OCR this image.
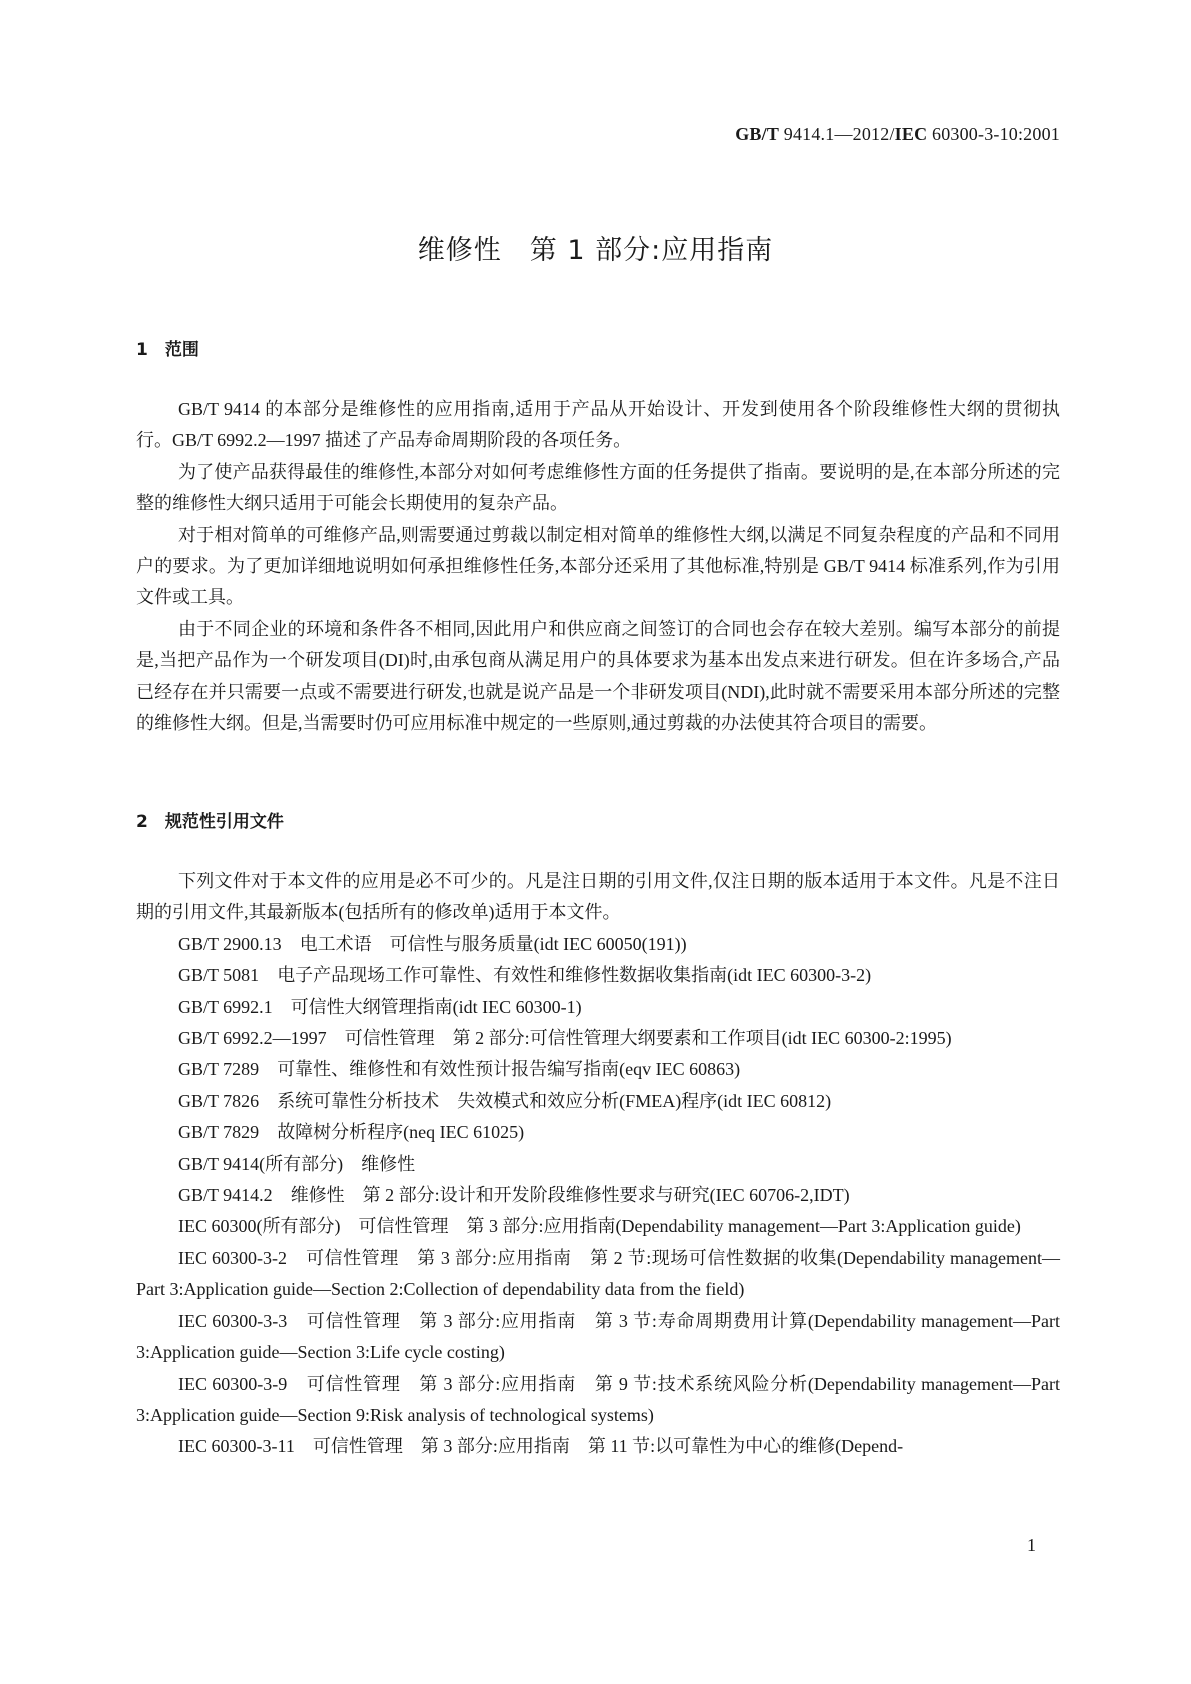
GB/T 9414.1—2012/IEC 60300-3-10:2001
维修性　第 1 部分:应用指南
1　范围

GB/T 9414 的本部分是维修性的应用指南,适用于产品从开始设计、开发到使用各个阶段维修性大纲的贯彻执行。GB/T 6992.2—1997 描述了产品寿命周期阶段的各项任务。

为了使产品获得最佳的维修性,本部分对如何考虑维修性方面的任务提供了指南。要说明的是,在本部分所述的完整的维修性大纲只适用于可能会长期使用的复杂产品。

对于相对简单的可维修产品,则需要通过剪裁以制定相对简单的维修性大纲,以满足不同复杂程度的产品和不同用户的要求。为了更加详细地说明如何承担维修性任务,本部分还采用了其他标准,特别是 GB/T 9414 标准系列,作为引用文件或工具。

由于不同企业的环境和条件各不相同,因此用户和供应商之间签订的合同也会存在较大差别。编写本部分的前提是,当把产品作为一个研发项目(DI)时,由承包商从满足用户的具体要求为基本出发点来进行研发。但在许多场合,产品已经存在并只需要一点或不需要进行研发,也就是说产品是一个非研发项目(NDI),此时就不需要采用本部分所述的完整的维修性大纲。但是,当需要时仍可应用标准中规定的一些原则,通过剪裁的办法使其符合项目的需要。

2　规范性引用文件

下列文件对于本文件的应用是必不可少的。凡是注日期的引用文件,仅注日期的版本适用于本文件。凡是不注日期的引用文件,其最新版本(包括所有的修改单)适用于本文件。

GB/T 2900.13　 电工术语　可信性与服务质量(idt IEC 60050(191))

GB/T 5081　 电子产品现场工作可靠性、有效性和维修性数据收集指南(idt IEC 60300-3-2)

GB/T 6992.1　 可信性大纲管理指南(idt IEC 60300-1)

GB/T 6992.2—1997　 可信性管理　第 2 部分:可信性管理大纲要素和工作项目(idt IEC 60300-2:1995)

GB/T 7289　 可靠性、维修性和有效性预计报告编写指南(eqv IEC 60863)

GB/T 7826　 系统可靠性分析技术　失效模式和效应分析(FMEA)程序(idt IEC 60812)

GB/T 7829　 故障树分析程序(neq IEC 61025)

GB/T 9414(所有部分)　 维修性

GB/T 9414.2　 维修性　第 2 部分:设计和开发阶段维修性要求与研究(IEC 60706-2,IDT)

IEC 60300(所有部分)　 可信性管理　第 3 部分:应用指南(Dependability management—Part 3:Application guide)

IEC 60300-3-2　 可信性管理　第 3 部分:应用指南　第 2 节:现场可信性数据的收集(Dependability management—Part 3:Application guide—Section 2:Collection of dependability data from the field)

IEC 60300-3-3　 可信性管理　第 3 部分:应用指南　第 3 节:寿命周期费用计算(Dependability management—Part 3:Application guide—Section 3:Life cycle costing)

IEC 60300-3-9　 可信性管理　第 3 部分:应用指南　第 9 节:技术系统风险分析(Dependability management—Part 3:Application guide—Section 9:Risk analysis of technological systems)

IEC 60300-3-11　 可信性管理　第 3 部分:应用指南　第 11 节:以可靠性为中心的维修(Depend-

1
